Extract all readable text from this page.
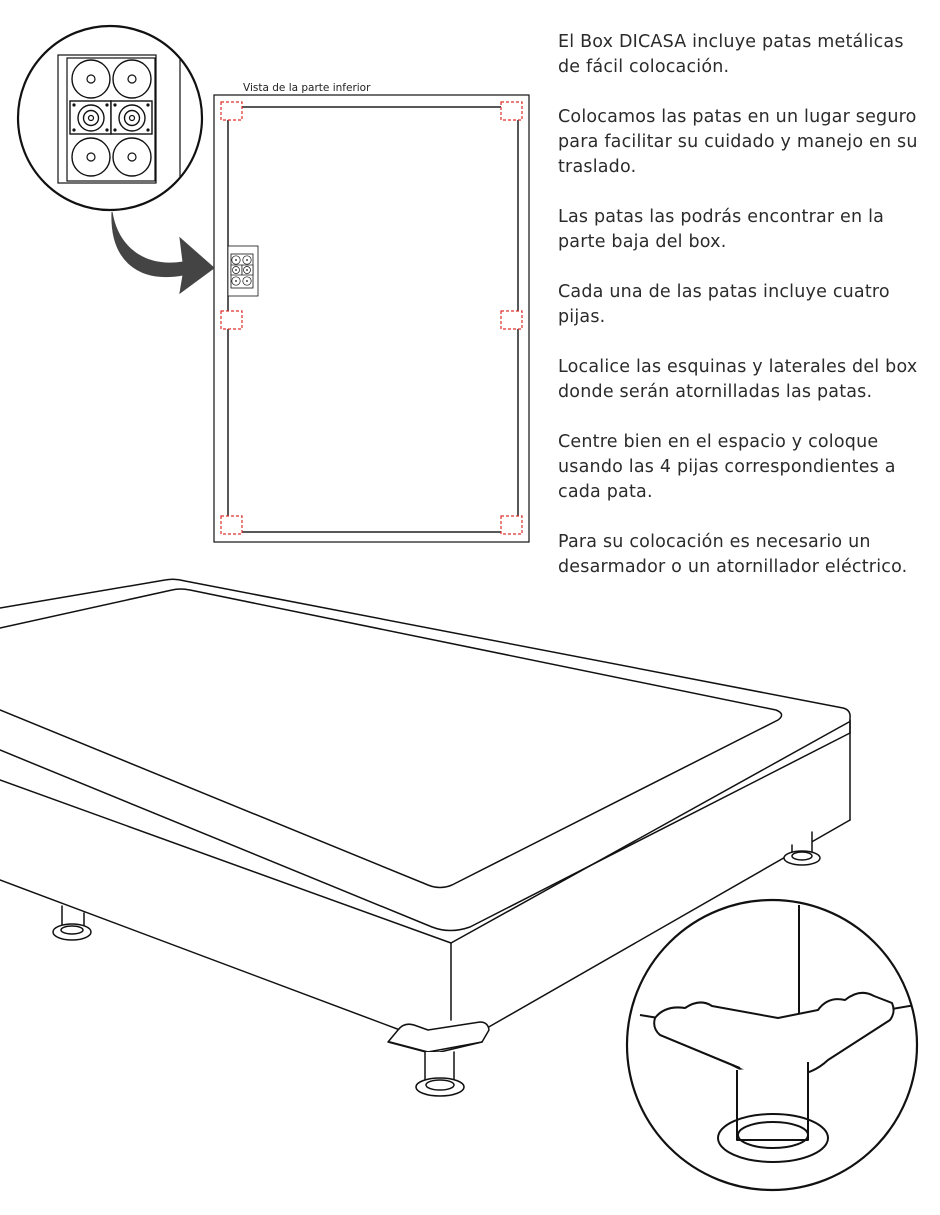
Vista de la parte inferior
El Box DICASA incluye patas metálicas de fácil colocación.
Colocamos las patas en un lugar seguro para facilitar su cuidado y manejo en su traslado.
Las patas las podrás encontrar en la parte baja del box.
Cada una de las patas incluye cuatro pijas.
Localice las esquinas y laterales del box donde serán atornilladas las patas.
Centre bien en el espacio y coloque usando las 4 pijas correspondientes a cada pata.
Para su colocación es necesario un desarmador o un atornillador eléctrico.
